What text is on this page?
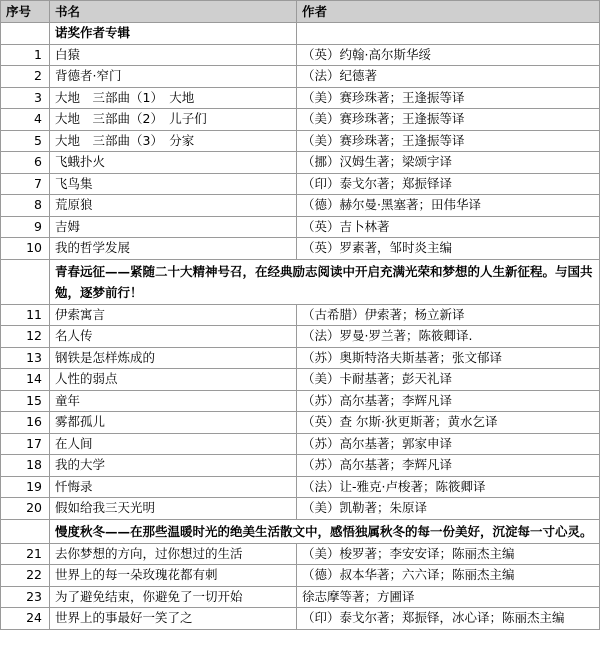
序号	书名	作者
	诺奖作者专辑	
1	白猿	（英）约翰·高尔斯华绥
2	背德者·窄门	（法）纪德著
3	大地　三部曲（1）　大地	（美）赛珍珠著；王逢振等译
4	大地　三部曲（2）　儿子们	（美）赛珍珠著；王逢振等译
5	大地　三部曲（3）　分家	（美）赛珍珠著；王逢振等译
6	飞蛾扑火	（挪）汉姆生著；梁颂宇译
7	飞鸟集	（印）泰戈尔著；郑振铎译
8	荒原狼	（德）赫尔曼·黑塞著；田伟华译
9	吉姆	（英）吉卜林著
10	我的哲学发展	（英）罗素著，邹时炎主编
	青春远征——紧随二十大精神号召，在经典励志阅读中开启充满光荣和梦想的人生新征程。与国共勉，逐梦前行！	
11	伊索寓言	（古希腊）伊索著；杨立新译
12	名人传	（法）罗曼·罗兰著；陈筱卿译.
13	钢铁是怎样炼成的	（苏）奥斯特洛夫斯基著；张文郁译
14	人性的弱点	（美）卡耐基著；彭天礼译
15	童年	（苏）高尔基著；李辉凡译
16	雾都孤儿	（英）查 尔斯·狄更斯著；黄水乞译
17	在人间	（苏）高尔基著；郭家申译
18	我的大学	（苏）高尔基著；李辉凡译
19	忏悔录	（法）让-雅克·卢梭著；陈筱卿译
20	假如给我三天光明	（美）凯勒著；朱原译
	慢度秋冬——在那些温暖时光的绝美生活散文中，感悟独属秋冬的每一份美好，沉淀每一寸心灵。	
21	去你梦想的方向，过你想过的生活	（美）梭罗著；李安安译；陈丽杰主编
22	世界上的每一朵玫瑰花都有刺	（德）叔本华著；六六译；陈丽杰主编
23	为了避免结束，你避免了一切开始	徐志摩等著；方圃译
24	世界上的事最好一笑了之	（印）泰戈尔著；郑振铎，冰心译；陈丽杰主编
